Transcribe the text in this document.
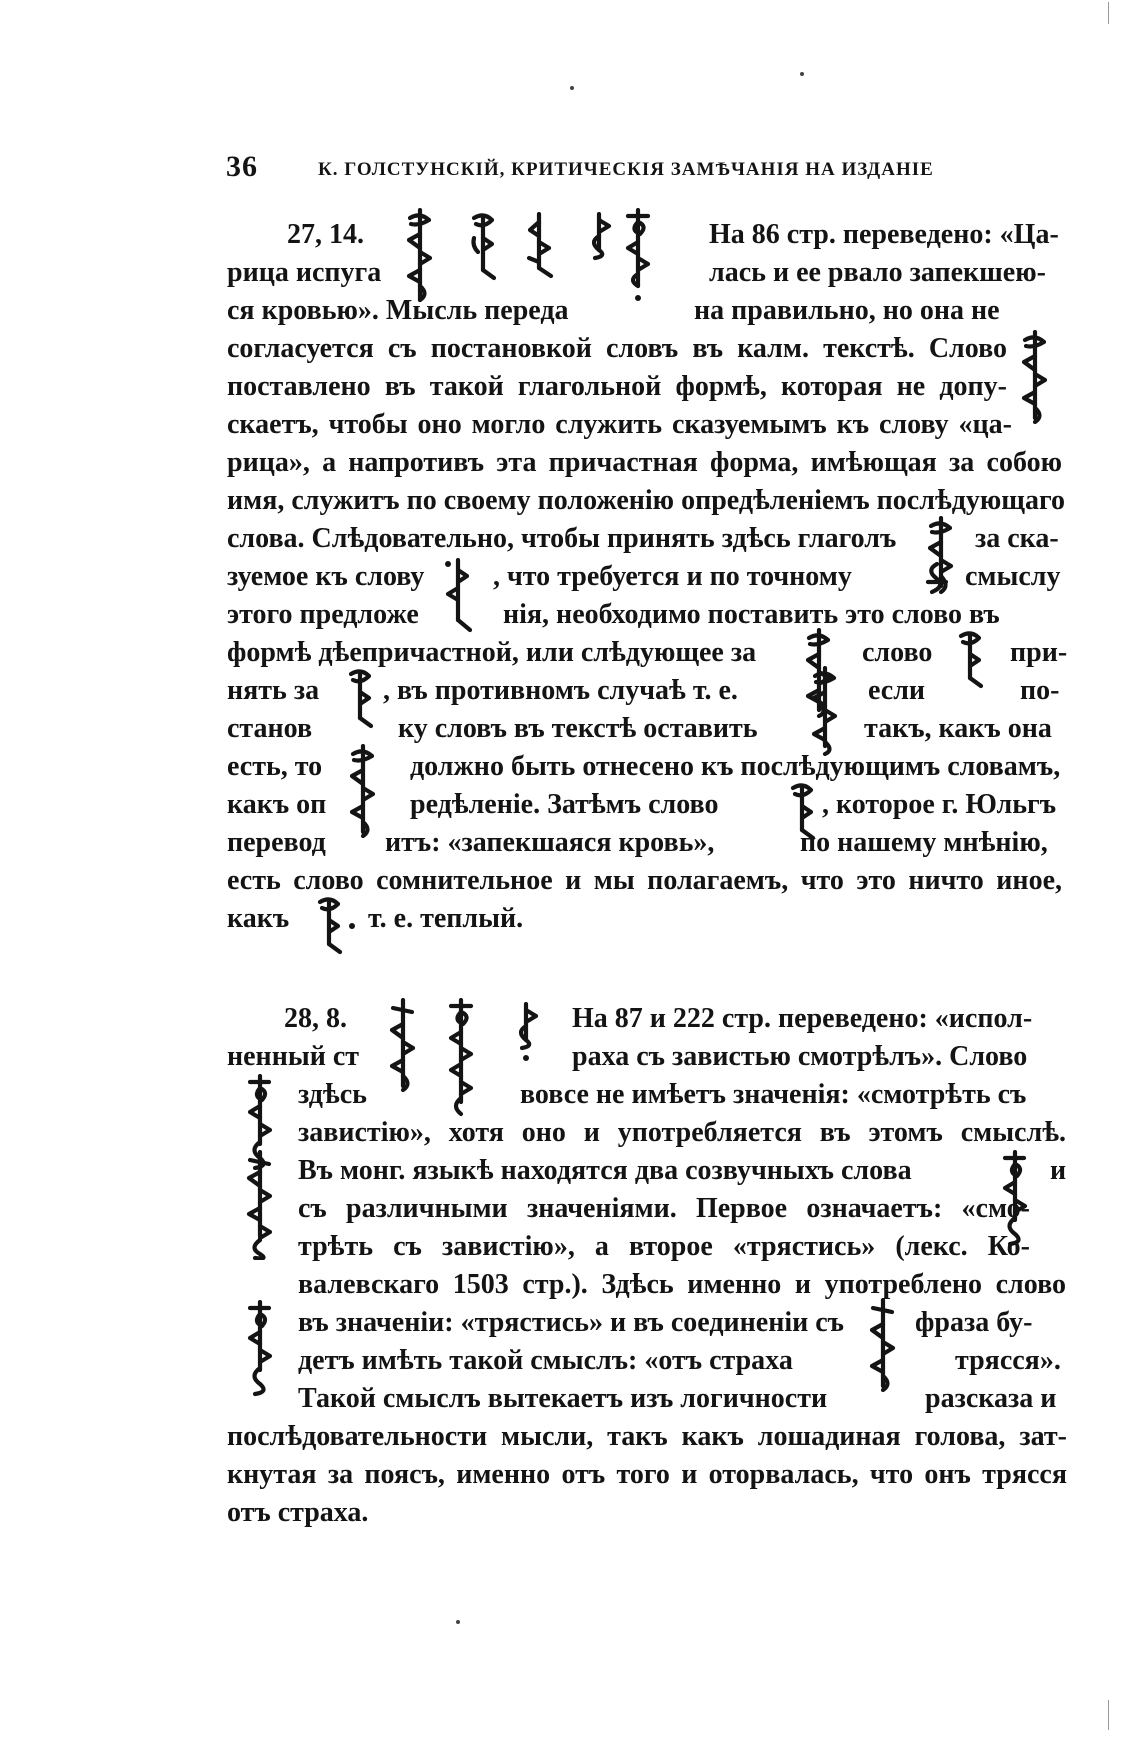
36	К. ГОЛСТУНСКІЙ, КРИТИЧЕСКІЯ ЗАМѢЧАНІЯ НА ИЗДАНІЕ
27, 14.	На 86 стр. переведено: «Ца-
рица испуга	лась и ее рвало запекшею-
ся кровью». Мысль переда	на правильно, но она не
согласуется съ постановкой словъ въ калм. текстѣ. Слово
поставлено въ такой глагольной формѣ, которая не допу-
скаетъ, чтобы оно могло служить сказуемымъ къ слову «ца-
рица», а напротивъ эта причастная форма, имѣющая за собою
имя, служитъ по своему положенію опредѣленіемъ послѣдующаго
слова. Слѣдовательно, чтобы принять здѣсь глаголъ	за ска-
зуемое къ слову , что требуется и по точному	смыслу
этого предложе	нія, необходимо поставить это слово въ
формѣ дѣепричастной, или слѣдующее за	слово	при-
нять за , въ противномъ случаѣ т. е.	если	по-
станов	ку словъ въ текстѣ оставить	такъ, какъ она
есть, то	должно быть отнесено къ послѣдующимъ словамъ,
какъ оп	редѣленіе. Затѣмъ слово	, которое г. Юльгъ
перевод итъ: «запекшаяся кровь»,	по нашему мнѣнію,
есть слово сомнительное и мы полагаемъ, что это ничто иное,
какъ	т. е. теплый.
28, 8.	На 87 и 222 стр. переведено: «испол-
ненный ст	раха съ завистью смотрѣлъ». Слово
здѣсь	вовсе не имѣетъ значенія: «смотрѣть съ
завистію», хотя оно и употребляется въ этомъ смыслѣ.
Въ монг. языкѣ находятся два созвучныхъ слова	и
съ различными значеніями. Первое означаетъ: «смо-
трѣть съ завистію», а второе «трястись» (лекс. Ко-
валевскаго 1503 стр.). Здѣсь именно и употреблено слово
въ значеніи: «трястись» и въ соединеніи съ	фраза бу-
детъ имѣть такой смыслъ: «отъ страха	трясся».
Такой смыслъ вытекаетъ изъ логичности	разсказа и
послѣдовательности мысли, такъ какъ лошадиная голова, зат-
кнутая за поясъ, именно отъ того и оторвалась, что онъ трясся
отъ страха.
